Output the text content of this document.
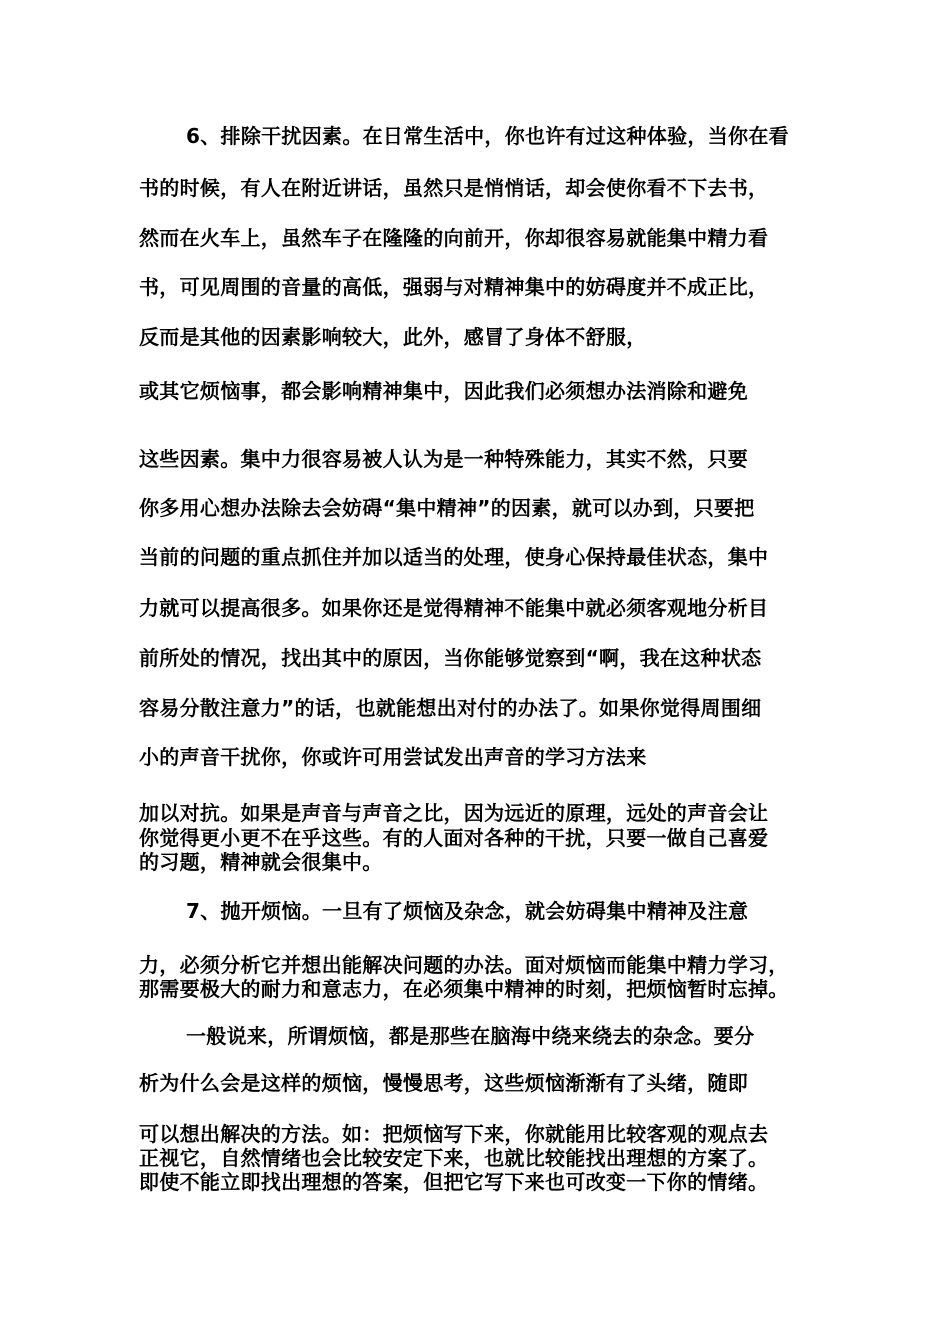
6、排除干扰因素。在日常生活中，你也许有过这种体验，当你在看
书的时候，有人在附近讲话，虽然只是悄悄话，却会使你看不下去书，
然而在火车上，虽然车子在隆隆的向前开，你却很容易就能集中精力看
书，可见周围的音量的高低，强弱与对精神集中的妨碍度并不成正比，
反而是其他的因素影响较大，此外，感冒了身体不舒服，
或其它烦恼事，都会影响精神集中，因此我们必须想办法消除和避免
这些因素。集中力很容易被人认为是一种特殊能力，其实不然，只要
你多用心想办法除去会妨碍“集中精神”的因素，就可以办到，只要把
当前的问题的重点抓住并加以适当的处理，使身心保持最佳状态，集中
力就可以提高很多。如果你还是觉得精神不能集中就必须客观地分析目
前所处的情况，找出其中的原因，当你能够觉察到“啊，我在这种状态
容易分散注意力”的话，也就能想出对付的办法了。如果你觉得周围细
小的声音干扰你，你或许可用尝试发出声音的学习方法来
加以对抗。如果是声音与声音之比，因为远近的原理，远处的声音会让
你觉得更小更不在乎这些。有的人面对各种的干扰，只要一做自己喜爱
的习题，精神就会很集中。
7、抛开烦恼。一旦有了烦恼及杂念，就会妨碍集中精神及注意
力，必须分析它并想出能解决问题的办法。面对烦恼而能集中精力学习，
那需要极大的耐力和意志力，在必须集中精神的时刻，把烦恼暂时忘掉。
一般说来，所谓烦恼，都是那些在脑海中绕来绕去的杂念。要分
析为什么会是这样的烦恼，慢慢思考，这些烦恼渐渐有了头绪，随即
可以想出解决的方法。如：把烦恼写下来，你就能用比较客观的观点去
正视它，自然情绪也会比较安定下来，也就比较能找出理想的方案了。
即使不能立即找出理想的答案，但把它写下来也可改变一下你的情绪。
